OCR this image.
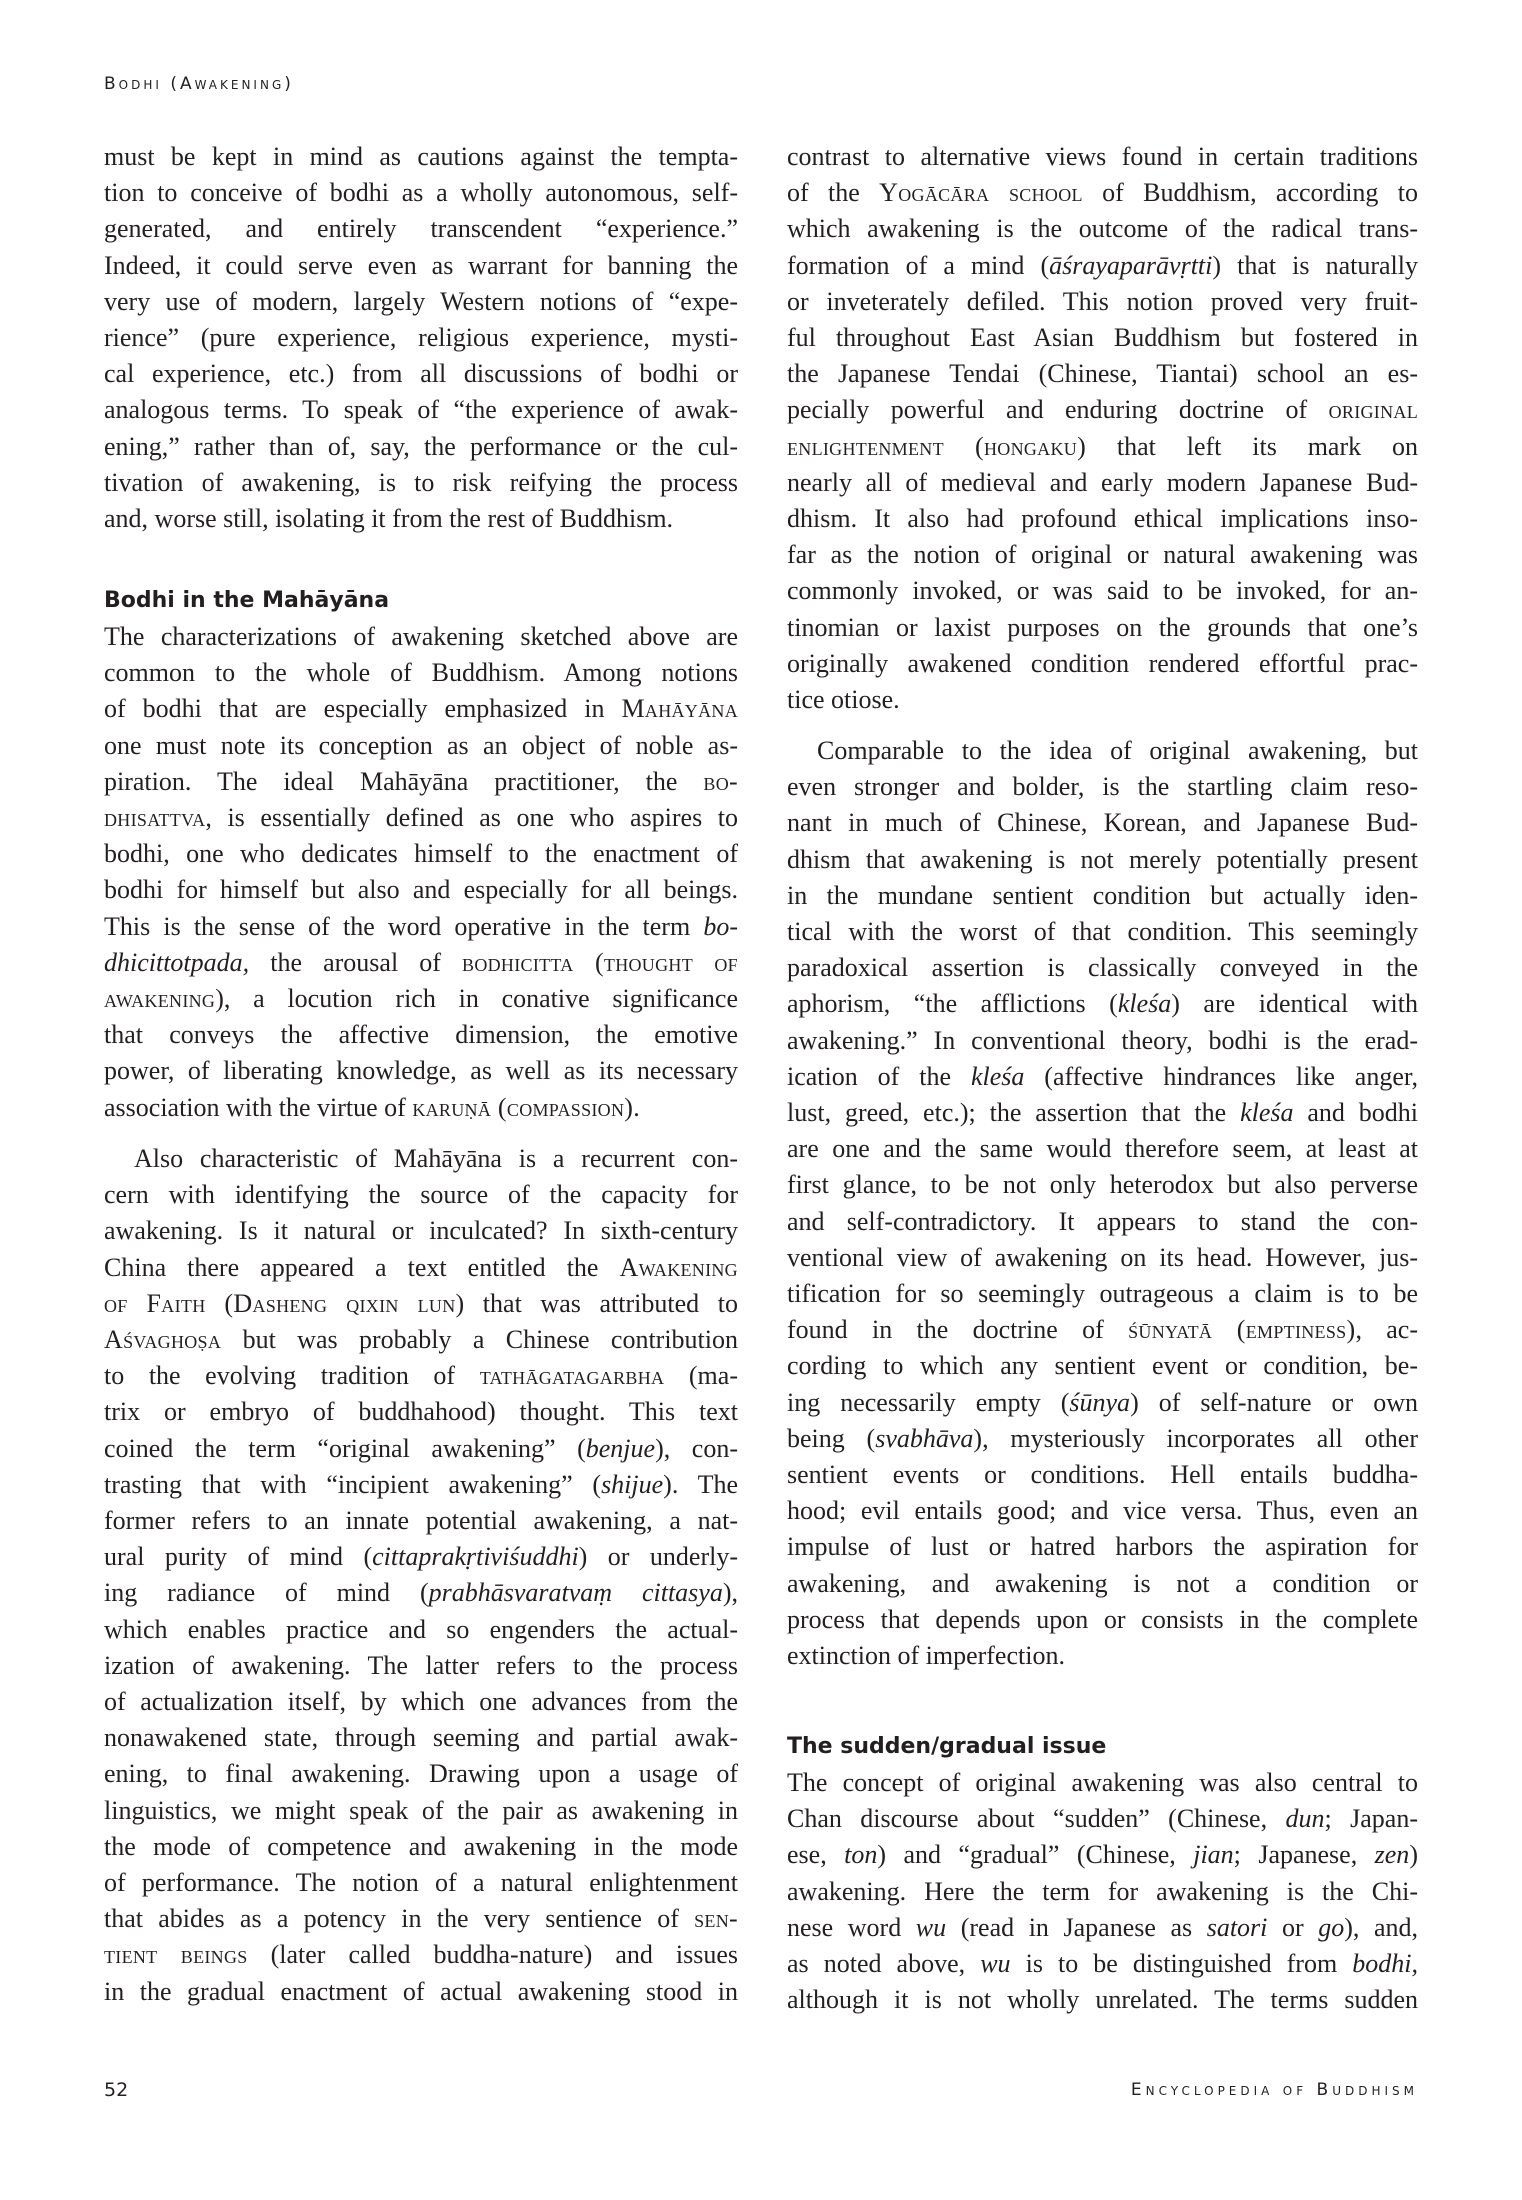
Bodhi (Awakening)
must be kept in mind as cautions against the tempta-
tion to conceive of bodhi as a wholly autonomous, self-
generated, and entirely transcendent “experience.”
Indeed, it could serve even as warrant for banning the
very use of modern, largely Western notions of “expe-
rience” (pure experience, religious experience, mysti-
cal experience, etc.) from all discussions of bodhi or
analogous terms. To speak of “the experience of awak-
ening,” rather than of, say, the performance or the cul-
tivation of awakening, is to risk reifying the process
and, worse still, isolating it from the rest of Buddhism.
Bodhi in the Mahāyāna
The characterizations of awakening sketched above are
common to the whole of Buddhism. Among notions
of bodhi that are especially emphasized in Mahāyāna
one must note its conception as an object of noble as-
piration. The ideal Mahāyāna practitioner, the bo-
dhisattva, is essentially defined as one who aspires to
bodhi, one who dedicates himself to the enactment of
bodhi for himself but also and especially for all beings.
This is the sense of the word operative in the term bo-
dhicittotpada, the arousal of bodhicitta (thought of
awakening), a locution rich in conative significance
that conveys the affective dimension, the emotive
power, of liberating knowledge, as well as its necessary
association with the virtue of karuṇā (compassion).
Also characteristic of Mahāyāna is a recurrent con-
cern with identifying the source of the capacity for
awakening. Is it natural or inculcated? In sixth-century
China there appeared a text entitled the Awakening
of Faith (Dasheng qixin lun) that was attributed to
Aśvaghoṣa but was probably a Chinese contribution
to the evolving tradition of tathāgatagarbha (ma-
trix or embryo of buddhahood) thought. This text
coined the term “original awakening” (benjue), con-
trasting that with “incipient awakening” (shijue). The
former refers to an innate potential awakening, a nat-
ural purity of mind (cittaprakṛtiviśuddhi) or underly-
ing radiance of mind (prabhāsvaratvaṃ cittasya),
which enables practice and so engenders the actual-
ization of awakening. The latter refers to the process
of actualization itself, by which one advances from the
nonawakened state, through seeming and partial awak-
ening, to final awakening. Drawing upon a usage of
linguistics, we might speak of the pair as awakening in
the mode of competence and awakening in the mode
of performance. The notion of a natural enlightenment
that abides as a potency in the very sentience of sen-
tient beings (later called buddha-nature) and issues
in the gradual enactment of actual awakening stood in
contrast to alternative views found in certain traditions
of the Yogācāra school of Buddhism, according to
which awakening is the outcome of the radical trans-
formation of a mind (āśrayaparāvṛtti) that is naturally
or inveterately defiled. This notion proved very fruit-
ful throughout East Asian Buddhism but fostered in
the Japanese Tendai (Chinese, Tiantai) school an es-
pecially powerful and enduring doctrine of original
enlightenment (hongaku) that left its mark on
nearly all of medieval and early modern Japanese Bud-
dhism. It also had profound ethical implications inso-
far as the notion of original or natural awakening was
commonly invoked, or was said to be invoked, for an-
tinomian or laxist purposes on the grounds that one’s
originally awakened condition rendered effortful prac-
tice otiose.
Comparable to the idea of original awakening, but
even stronger and bolder, is the startling claim reso-
nant in much of Chinese, Korean, and Japanese Bud-
dhism that awakening is not merely potentially present
in the mundane sentient condition but actually iden-
tical with the worst of that condition. This seemingly
paradoxical assertion is classically conveyed in the
aphorism, “the afflictions (kleśa) are identical with
awakening.” In conventional theory, bodhi is the erad-
ication of the kleśa (affective hindrances like anger,
lust, greed, etc.); the assertion that the kleśa and bodhi
are one and the same would therefore seem, at least at
first glance, to be not only heterodox but also perverse
and self-contradictory. It appears to stand the con-
ventional view of awakening on its head. However, jus-
tification for so seemingly outrageous a claim is to be
found in the doctrine of śūnyatā (emptiness), ac-
cording to which any sentient event or condition, be-
ing necessarily empty (śūnya) of self-nature or own
being (svabhāva), mysteriously incorporates all other
sentient events or conditions. Hell entails buddha-
hood; evil entails good; and vice versa. Thus, even an
impulse of lust or hatred harbors the aspiration for
awakening, and awakening is not a condition or
process that depends upon or consists in the complete
extinction of imperfection.
The sudden/gradual issue
The concept of original awakening was also central to
Chan discourse about “sudden” (Chinese, dun; Japan-
ese, ton) and “gradual” (Chinese, jian; Japanese, zen)
awakening. Here the term for awakening is the Chi-
nese word wu (read in Japanese as satori or go), and,
as noted above, wu is to be distinguished from bodhi,
although it is not wholly unrelated. The terms sudden
52	Encyclopedia of Buddhism
